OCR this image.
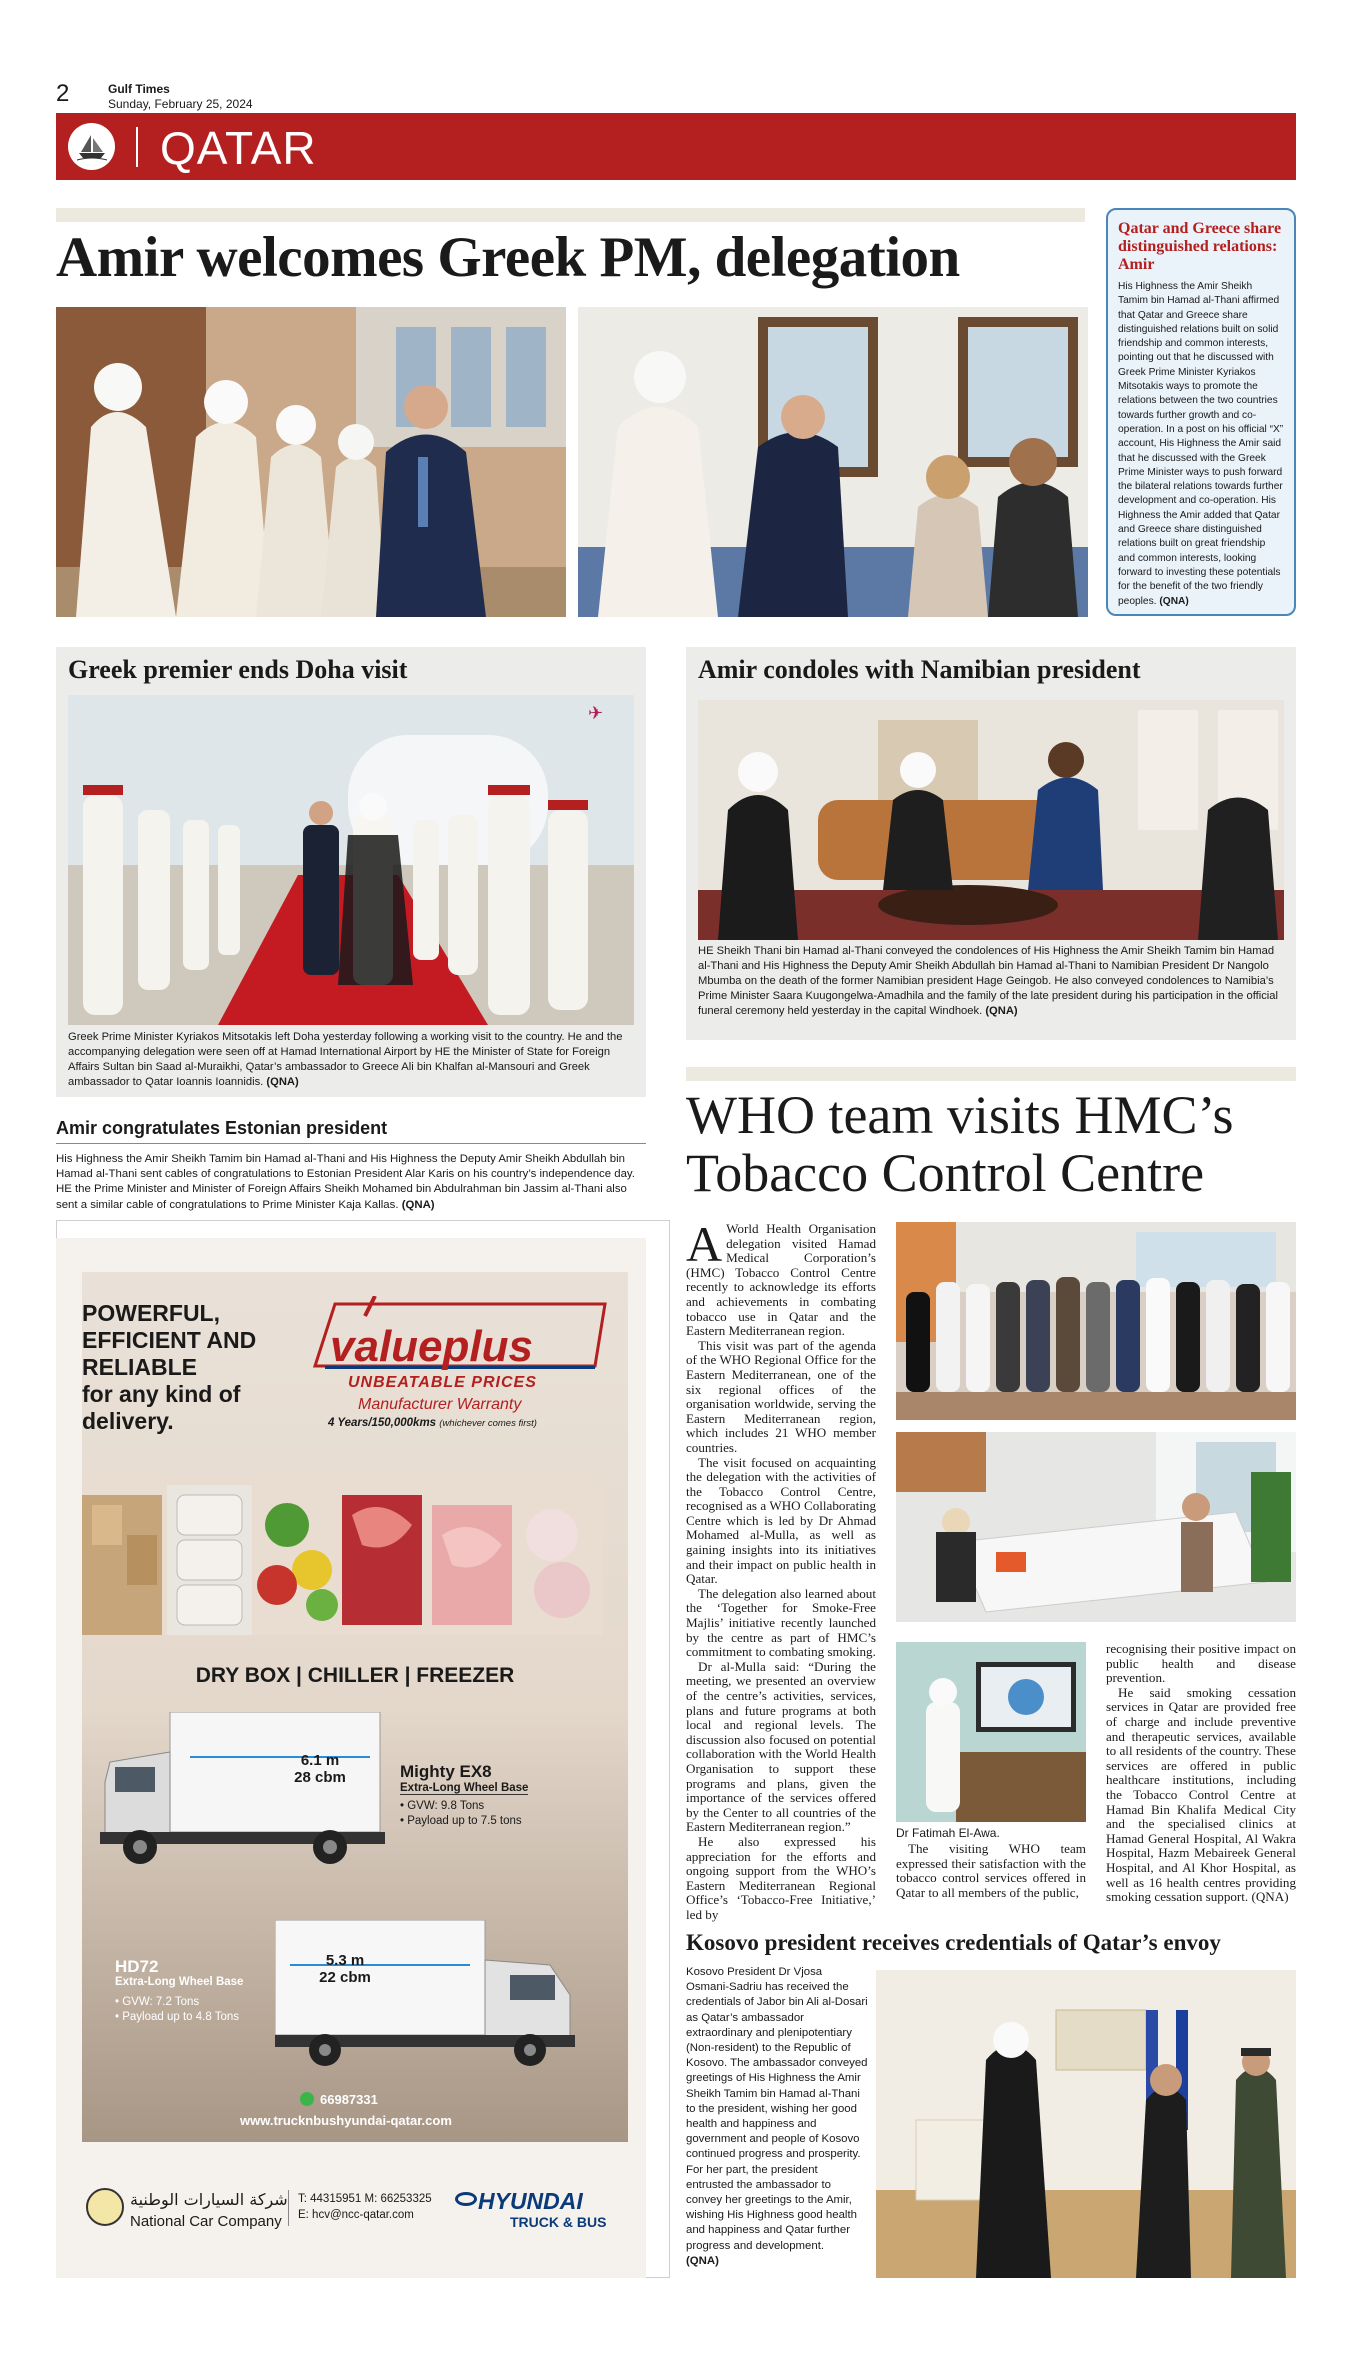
2	Gulf Times
Sunday, February 25, 2024
QATAR
Amir welcomes Greek PM, delegation	Qatar and Greece share distinguished relations: Amir
His Highness the Amir Sheikh Tamim bin Hamad al-Thani affirmed that Qatar and Greece share distinguished relations built on solid friendship and common interests, pointing out that he discussed with Greek Prime Minister Kyriakos Mitsotakis ways to promote the relations between the two countries towards further growth and co-operation. In a post on his official “X” account, His Highness the Amir said that he discussed with the Greek Prime Minister ways to push forward the bilateral relations towards further development and co-operation. His Highness the Amir added that Qatar and Greece share distinguished relations built on great friendship and common interests, looking forward to investing these potentials for the benefit of the two friendly peoples. (QNA)
Greek premier ends Doha visit
✈
Greek Prime Minister Kyriakos Mitsotakis left Doha yesterday following a working visit to the country. He and the accompanying delegation were seen off at Hamad International Airport by HE the Minister of State for Foreign Affairs Sultan bin Saad al-Muraikhi, Qatar’s ambassador to Greece Ali bin Khalfan al-Mansouri and Greek ambassador to Qatar Ioannis Ioannidis. (QNA)
Amir condoles with Namibian president
HE Sheikh Thani bin Hamad al-Thani conveyed the condolences of His Highness the Amir Sheikh Tamim bin Hamad al-Thani and His Highness the Deputy Amir Sheikh Abdullah bin Hamad al-Thani to Namibian President Dr Nangolo Mbumba on the death of the former Namibian president Hage Geingob. He also conveyed condolences to Namibia’s Prime Minister Saara Kuugongelwa-Amadhila and the family of the late president during his participation in the official funeral ceremony held yesterday in the capital Windhoek. (QNA)
Amir congratulates Estonian president
His Highness the Amir Sheikh Tamim bin Hamad al-Thani and His Highness the Deputy Amir Sheikh Abdullah bin Hamad al-Thani sent cables of congratulations to Estonian President Alar Karis on his country’s independence day. HE the Prime Minister and Minister of Foreign Affairs Sheikh Mohamed bin Abdulrahman bin Jassim al-Thani also sent a similar cable of congratulations to Prime Minister Kaja Kallas. (QNA)
POWERFUL, EFFICIENT AND RELIABLE
for any kind of delivery.
valueplus
UNBEATABLE PRICES
Manufacturer Warranty
4 Years/150,000kms (whichever comes first)
DRY BOX | CHILLER | FREEZER
6.1 m
28 cbm	Mighty EX8
Extra-Long Wheel Base
• GVW: 9.8 Tons
• Payload up to 7.5 tons
5.3 m
22 cbm
HD72
Extra-Long Wheel Base
• GVW: 7.2 Tons
• Payload up to 4.8 Tons
66987331
www.trucknbushyundai-qatar.com
شركة السيارات الوطنية
National Car Company
T: 44315951 M: 66253325
E: hcv@ncc-qatar.com
HYUNDAI
TRUCK & BUS
WHO team visits HMC’s Tobacco Control Centre

A World Health Organisation delegation visited Hamad Medical Corporation’s (HMC) Tobacco Control Centre recently to acknowledge its efforts and achievements in combating tobacco use in Qatar and the Eastern Mediterranean region.

This visit was part of the agenda of the WHO Regional Office for the Eastern Mediterranean, one of the six regional offices of the organisation worldwide, serving the Eastern Mediterranean region, which includes 21 WHO member countries.

The visit focused on acquainting the delegation with the activities of the Tobacco Control Centre, recognised as a WHO Collaborating Centre which is led by Dr Ahmad Mohamed al-Mulla, as well as gaining insights into its initiatives and their impact on public health in Qatar.

The delegation also learned about the ‘Together for Smoke-Free Majlis’ initiative recently launched by the centre as part of HMC’s commitment to combating smoking.

Dr al-Mulla said: “During the meeting, we presented an overview of the centre’s activities, services, plans and future programs at both local and regional levels. The discussion also focused on potential collaboration with the World Health Organisation to support these programs and plans, given the importance of the services offered by the Center to all countries of the Eastern Mediterranean region.”

He also expressed his appreciation for the efforts and ongoing support from the WHO’s Eastern Mediterranean Regional Office’s ‘Tobacco-Free Initiative,’ led by

Dr Fatimah El-Awa.

The visiting WHO team expressed their satisfaction with the tobacco control services offered in Qatar to all members of the public,

recognising their positive impact on public health and disease prevention.

He said smoking cessation services in Qatar are provided free of charge and include preventive and therapeutic services, available to all residents of the country. These services are offered in public healthcare institutions, including the Tobacco Control Centre at Hamad Bin Khalifa Medical City and the specialised clinics at Hamad General Hospital, Al Wakra Hospital, Hazm Mebaireek General Hospital, and Al Khor Hospital, as well as 16 health centres providing smoking cessation support. (QNA)

Kosovo president receives credentials of Qatar’s envoy
Kosovo President Dr Vjosa Osmani-Sadriu has received the credentials of Jabor bin Ali al-Dosari as Qatar’s ambassador extraordinary and plenipotentiary (Non-resident) to the Republic of Kosovo. The ambassador conveyed greetings of His Highness the Amir Sheikh Tamim bin Hamad al-Thani to the president, wishing her good health and happiness and government and people of Kosovo continued progress and prosperity. For her part, the president entrusted the ambassador to convey her greetings to the Amir, wishing His Highness good health and happiness and Qatar further progress and development.
(QNA)
